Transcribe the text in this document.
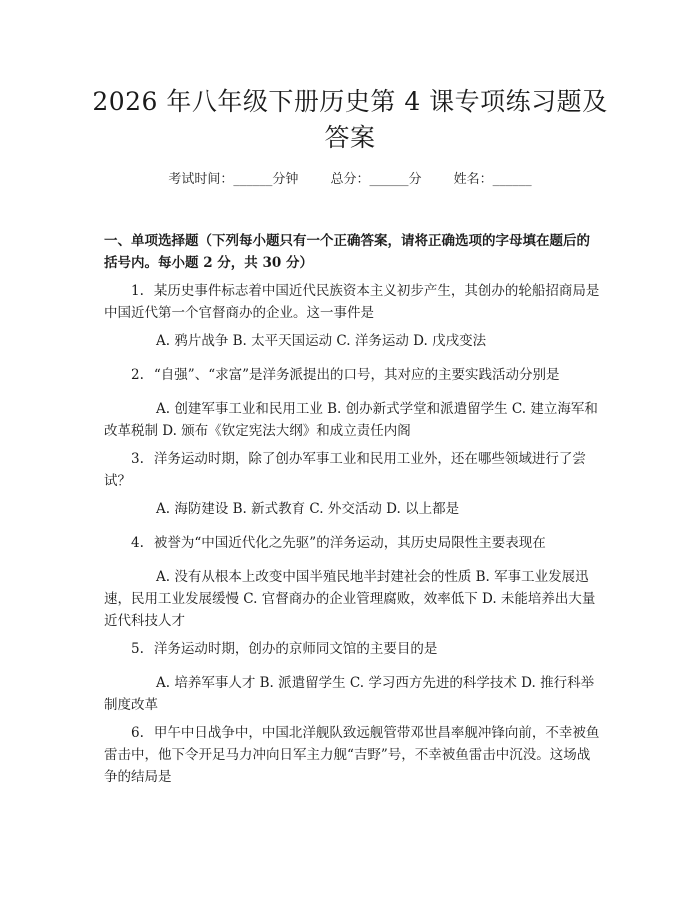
2026 年八年级下册历史第 4 课专项练习题及答案
考试时间：______分钟 总分：______分 姓名：______

一、单项选择题（下列每小题只有一个正确答案，请将正确选项的字母填在题后的括号内。每小题 2 分，共 30 分）

1. 某历史事件标志着中国近代民族资本主义初步产生，其创办的轮船招商局是中国近代第一个官督商办的企业。这一事件是

A. 鸦片战争 B. 太平天国运动 C. 洋务运动 D. 戊戌变法

2. “自强”、“求富”是洋务派提出的口号，其对应的主要实践活动分别是

A. 创建军事工业和民用工业 B. 创办新式学堂和派遣留学生 C. 建立海军和改革税制 D. 颁布《钦定宪法大纲》和成立责任内阁

3. 洋务运动时期，除了创办军事工业和民用工业外，还在哪些领域进行了尝试？

A. 海防建设 B. 新式教育 C. 外交活动 D. 以上都是

4. 被誉为“中国近代化之先驱”的洋务运动，其历史局限性主要表现在

A. 没有从根本上改变中国半殖民地半封建社会的性质 B. 军事工业发展迅速，民用工业发展缓慢 C. 官督商办的企业管理腐败，效率低下 D. 未能培养出大量近代科技人才

5. 洋务运动时期，创办的京师同文馆的主要目的是

A. 培养军事人才 B. 派遣留学生 C. 学习西方先进的科学技术 D. 推行科举制度改革

6. 甲午中日战争中，中国北洋舰队致远舰管带邓世昌率舰冲锋向前，不幸被鱼雷击中，他下令开足马力冲向日军主力舰“吉野”号，不幸被鱼雷击中沉没。这场战争的结局是
